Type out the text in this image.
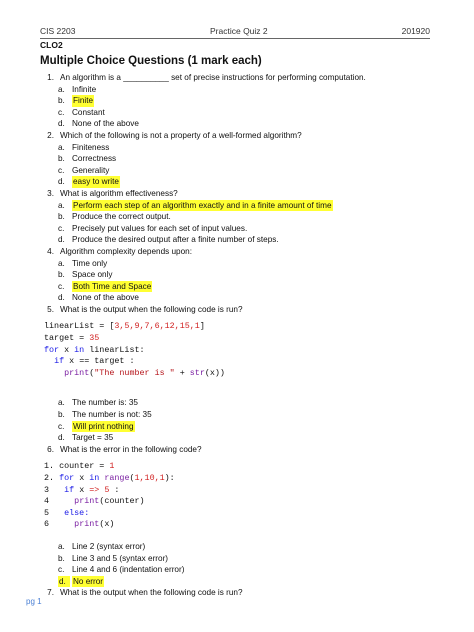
CIS 2203	Practice Quiz 2	201920
CLO2
Multiple Choice Questions (1 mark each)
1. An algorithm is a __________ set of precise instructions for performing computation.
a. Infinite
b. Finite
c. Constant
d. None of the above
2. Which of the following is not a property of a well-formed algorithm?
a. Finiteness
b. Correctness
c. Generality
d. easy to write
3. What is algorithm effectiveness?
a. Perform each step of an algorithm exactly and in a finite amount of time
b. Produce the correct output.
c. Precisely put values for each set of input values.
d. Produce the desired output after a finite number of steps.
4. Algorithm complexity depends upon:
a. Time only
b. Space only
c.	Both Time and Space
d. None of the above
5. What is the output when the following code is run?
linearList = [3,5,9,7,6,12,15,1]
target = 35
for x in linearList:
if x == target :
print("The number is " + str(x))
a. The number is: 35
b. The number is not: 35
c.	Will print nothing
d. Target = 35
6. What is the error in the following code?
1. counter = 1
2. for x in range(1,10,1):
3 if x => 5 :
4	print(counter)
5 else:
6	print(x)
a. Line 2 (syntax error)
b. Line 3 and 5 (syntax error)
c. Line 4 and 6 (indentation error)
d. No error
7. What is the output when the following code is run?
pg 1
